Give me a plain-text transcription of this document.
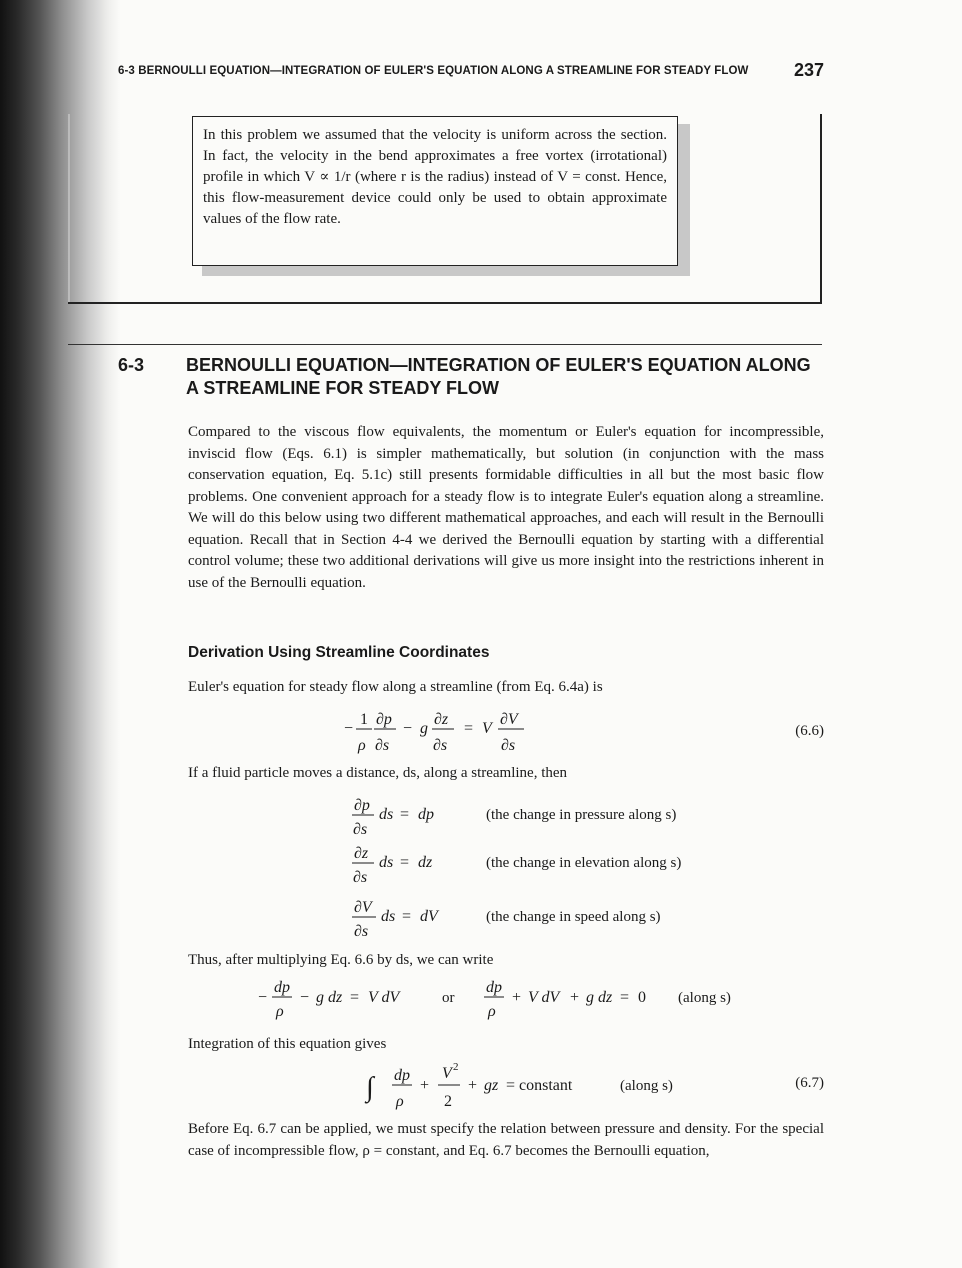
6-3 BERNOULLI EQUATION—INTEGRATION OF EULER'S EQUATION ALONG A STREAMLINE FOR STEADY FLOW	237

In this problem we assumed that the velocity is uniform across the section. In fact, the velocity in the bend approximates a free vortex (irrotational) profile in which V ∝ 1/r (where r is the radius) instead of V = const. Hence, this flow-measurement device could only be used to obtain approximate values of the flow rate.

6-3 BERNOULLI EQUATION—INTEGRATION OF EULER'S EQUATION ALONG A STREAMLINE FOR STEADY FLOW

Compared to the viscous flow equivalents, the momentum or Euler's equation for incompressible, inviscid flow (Eqs. 6.1) is simpler mathematically, but solution (in conjunction with the mass conservation equation, Eq. 5.1c) still presents formidable difficulties in all but the most basic flow problems. One convenient approach for a steady flow is to integrate Euler's equation along a streamline. We will do this below using two different mathematical approaches, and each will result in the Bernoulli equation. Recall that in Section 4-4 we derived the Bernoulli equation by starting with a differential control volume; these two additional derivations will give us more insight into the restrictions inherent in use of the Bernoulli equation.

Derivation Using Streamline Coordinates

Euler's equation for steady flow along a streamline (from Eq. 6.4a) is

−
1
ρ
∂p
∂s
− g
∂z
∂s
= V
∂V
∂s
(6.6)

If a fluid particle moves a distance, ds, along a streamline, then

∂p
∂s
ds = dp	(the change in pressure along s)
∂z
∂s
ds = dz	(the change in elevation along s)
∂V
∂s
ds = dV	(the change in speed along s)

Thus, after multiplying Eq. 6.6 by ds, we can write

−
dp
ρ
− g dz = V dV	or
dp
ρ
+ V dV + g dz = 0 (along s)

Integration of this equation gives

∫ dp
ρ
+
V 2
2
+ gz = constant	(along s)	(6.7)

Before Eq. 6.7 can be applied, we must specify the relation between pressure and density. For the special case of incompressible flow, ρ = constant, and Eq. 6.7 becomes the Bernoulli equation,
